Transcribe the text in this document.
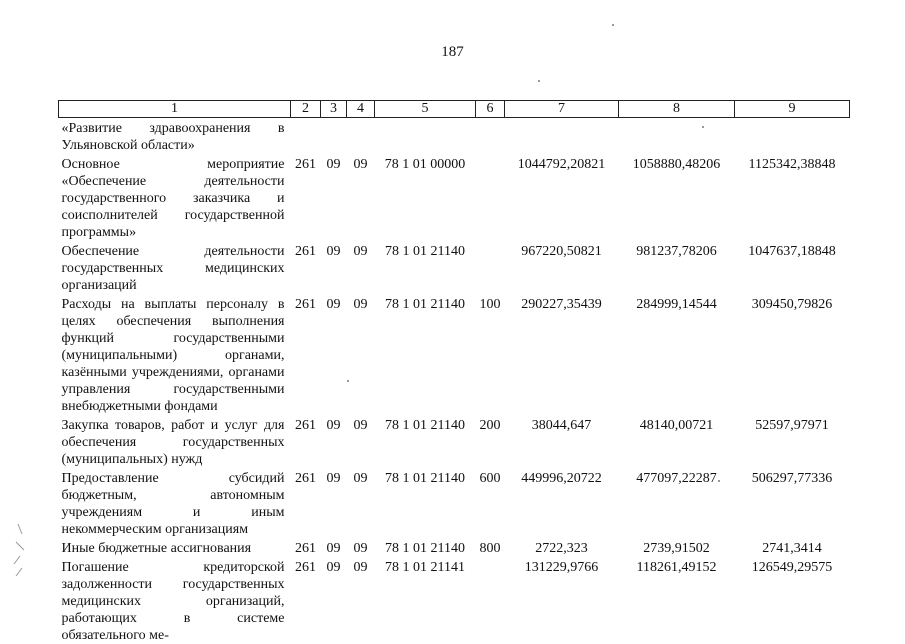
187
1	2	3	4	5	6	7	8	9
«Развитие здравоохранения в Ульяновской области»								
Основное мероприятие «Обеспечение деятельности государственного заказчика и соисполнителей государственной программы»	261	09	09	78 1 01 00000		1044792,20821	1058880,48206	1125342,38848
Обеспечение деятельности государственных медицинских организаций	261	09	09	78 1 01 21140		967220,50821	981237,78206	1047637,18848
Расходы на выплаты персоналу в целях обеспечения выполнения функций государственными (муниципальными) органами, казёнными учреждениями, органами управления государственными внебюджетными фондами	261	09	09	78 1 01 21140	100	290227,35439	284999,14544	309450,79826
Закупка товаров, работ и услуг для обеспечения государственных (муниципальных) нужд	261	09	09	78 1 01 21140	200	38044,647	48140,00721	52597,97971
Предоставление субсидий бюджетным, автономным учреждениям и иным некоммерческим организациям	261	09	09	78 1 01 21140	600	449996,20722	477097,22287	506297,77336
Иные бюджетные ассигнования	261	09	09	78 1 01 21140	800	2722,323	2739,91502	2741,3414
Погашение кредиторской задолженности государственных медицинских организаций, работающих в системе обязательного ме-	261	09	09	78 1 01 21141		131229,9766	118261,49152	126549,29575
